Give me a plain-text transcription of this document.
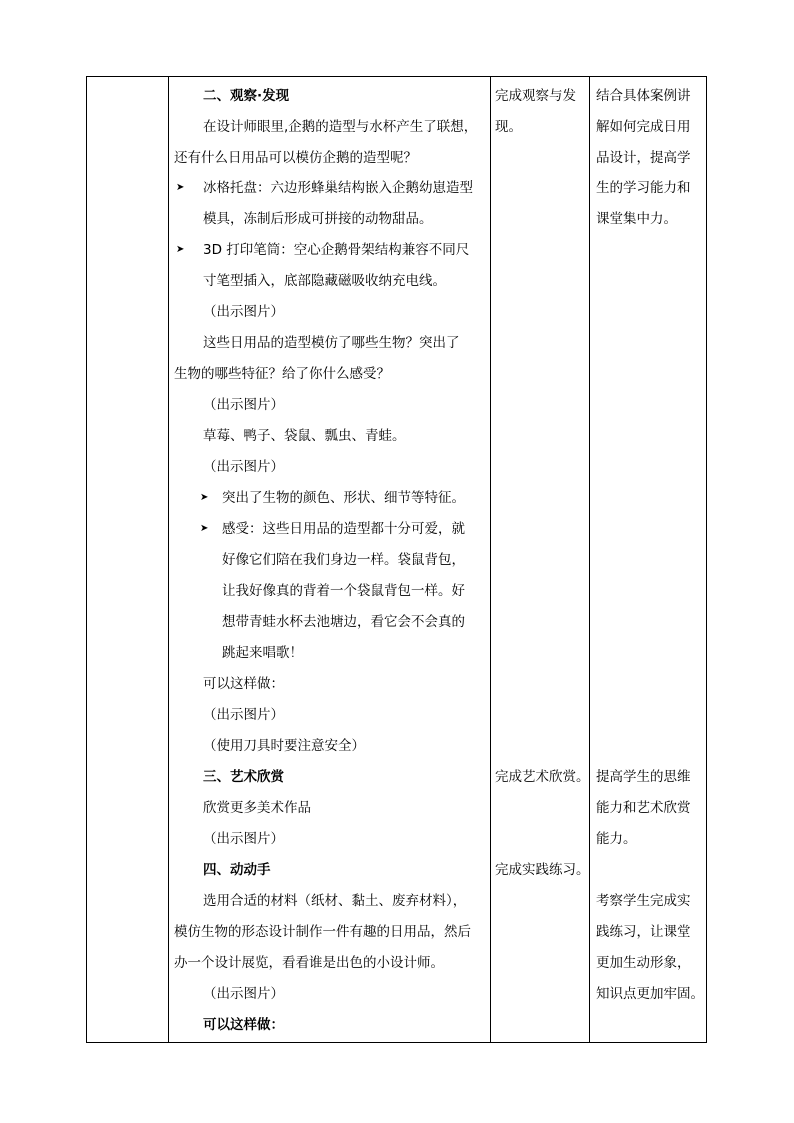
二、观察·发现
在设计师眼里,企鹅的造型与水杯产生了联想，
还有什么日用品可以模仿企鹅的造型呢？
➤ 冰格托盘：六边形蜂巢结构嵌入企鹅幼崽造型
模具，冻制后形成可拼接的动物甜品。
➤ 3D 打印笔筒：空心企鹅骨架结构兼容不同尺
寸笔型插入，底部隐藏磁吸收纳充电线。
（出示图片）
这些日用品的造型模仿了哪些生物？突出了
生物的哪些特征？给了你什么感受？
（出示图片）
草莓、鸭子、袋鼠、瓢虫、青蛙。
（出示图片）
➤ 突出了生物的颜色、形状、细节等特征。
➤ 感受：这些日用品的造型都十分可爱，就
好像它们陪在我们身边一样。袋鼠背包，
让我好像真的背着一个袋鼠背包一样。好
想带青蛙水杯去池塘边，看它会不会真的
跳起来唱歌！
可以这样做：
（出示图片）
（使用刀具时要注意安全）
三、艺术欣赏
欣赏更多美术作品
（出示图片）
四、动动手
选用合适的材料（纸材、黏土、废弃材料），
模仿生物的形态设计制作一件有趣的日用品，然后
办一个设计展览，看看谁是出色的小设计师。
（出示图片）
可以这样做：
完成观察与发
现。
完成艺术欣赏。
完成实践练习。
结合具体案例讲
解如何完成日用
品设计，提高学
生的学习能力和
课堂集中力。
提高学生的思维
能力和艺术欣赏
能力。
考察学生完成实
践练习，让课堂
更加生动形象，
知识点更加牢固。
